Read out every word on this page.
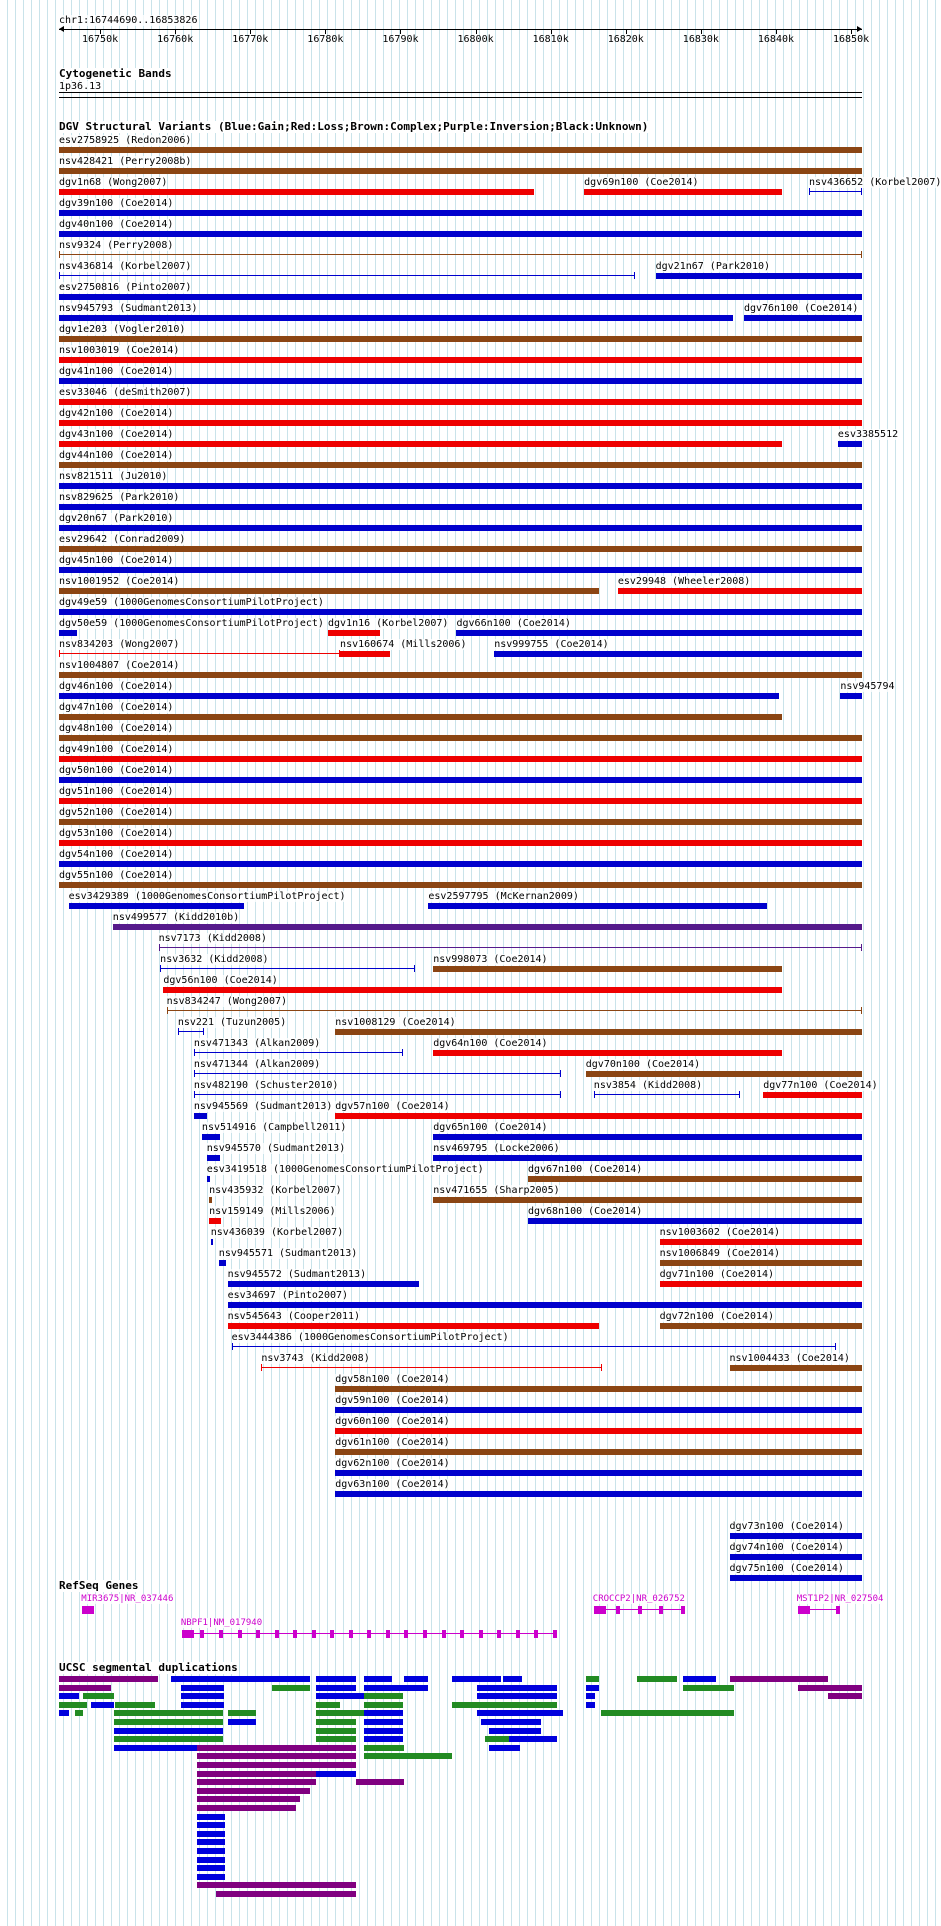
chr1:16744690..16853826
16750k	16760k	16770k	16780k	16790k	16800k	16810k	16820k	16830k	16840k	16850k
Cytogenetic Bands
1p36.13
DGV Structural Variants (Blue:Gain;Red:Loss;Brown:Complex;Purple:Inversion;Black:Unknown)
esv2758925 (Redon2006)
nsv428421 (Perry2008b)
dgv1n68 (Wong2007)	dgv69n100 (Coe2014)	nsv436652 (Korbel2007)
dgv39n100 (Coe2014)
dgv40n100 (Coe2014)
nsv9324 (Perry2008)
nsv436814 (Korbel2007)	dgv21n67 (Park2010)
esv2750816 (Pinto2007)
nsv945793 (Sudmant2013)	dgv76n100 (Coe2014)
dgv1e203 (Vogler2010)
nsv1003019 (Coe2014)
dgv41n100 (Coe2014)
esv33046 (deSmith2007)
dgv42n100 (Coe2014)
dgv43n100 (Coe2014)	esv3385512
dgv44n100 (Coe2014)
nsv821511 (Ju2010)
nsv829625 (Park2010)
dgv20n67 (Park2010)
esv29642 (Conrad2009)
dgv45n100 (Coe2014)
nsv1001952 (Coe2014)	esv29948 (Wheeler2008)
dgv49e59 (1000GenomesConsortiumPilotProject)
dgv50e59 (1000GenomesConsortiumPilotProject) dgv1n16 (Korbel2007) dgv66n100 (Coe2014)
nsv834203 (Wong2007)	nsv160674 (Mills2006)	nsv999755 (Coe2014)
nsv1004807 (Coe2014)
dgv46n100 (Coe2014)	nsv945794
dgv47n100 (Coe2014)
dgv48n100 (Coe2014)
dgv49n100 (Coe2014)
dgv50n100 (Coe2014)
dgv51n100 (Coe2014)
dgv52n100 (Coe2014)
dgv53n100 (Coe2014)
dgv54n100 (Coe2014)
dgv55n100 (Coe2014)
esv3429389 (1000GenomesConsortiumPilotProject)	esv2597795 (McKernan2009)
nsv499577 (Kidd2010b)
nsv7173 (Kidd2008)
nsv3632 (Kidd2008)	nsv998073 (Coe2014)
dgv56n100 (Coe2014)
nsv834247 (Wong2007)
nsv221 (Tuzun2005)	nsv1008129 (Coe2014)
nsv471343 (Alkan2009)	dgv64n100 (Coe2014)
nsv471344 (Alkan2009)	dgv70n100 (Coe2014)
nsv482190 (Schuster2010)	nsv3854 (Kidd2008)	dgv77n100 (Coe2014)
nsv945569 (Sudmant2013) dgv57n100 (Coe2014)
nsv514916 (Campbell2011)	dgv65n100 (Coe2014)
nsv945570 (Sudmant2013)	nsv469795 (Locke2006)
esv3419518 (1000GenomesConsortiumPilotProject)	dgv67n100 (Coe2014)
nsv435932 (Korbel2007)	nsv471655 (Sharp2005)
nsv159149 (Mills2006)	dgv68n100 (Coe2014)
nsv436039 (Korbel2007)	nsv1003602 (Coe2014)
nsv945571 (Sudmant2013)	nsv1006849 (Coe2014)
nsv945572 (Sudmant2013)	dgv71n100 (Coe2014)
esv34697 (Pinto2007)
nsv545643 (Cooper2011)	dgv72n100 (Coe2014)
esv3444386 (1000GenomesConsortiumPilotProject)
nsv3743 (Kidd2008)	nsv1004433 (Coe2014)
dgv58n100 (Coe2014)
dgv59n100 (Coe2014)
dgv60n100 (Coe2014)
dgv61n100 (Coe2014)
dgv62n100 (Coe2014)
dgv63n100 (Coe2014)
dgv73n100 (Coe2014)
dgv74n100 (Coe2014)
dgv75n100 (Coe2014)
RefSeq Genes
MIR3675|NR_037446	CROCCP2|NR_026752	MST1P2|NR_027504
NBPF1|NM_017940
UCSC segmental duplications
